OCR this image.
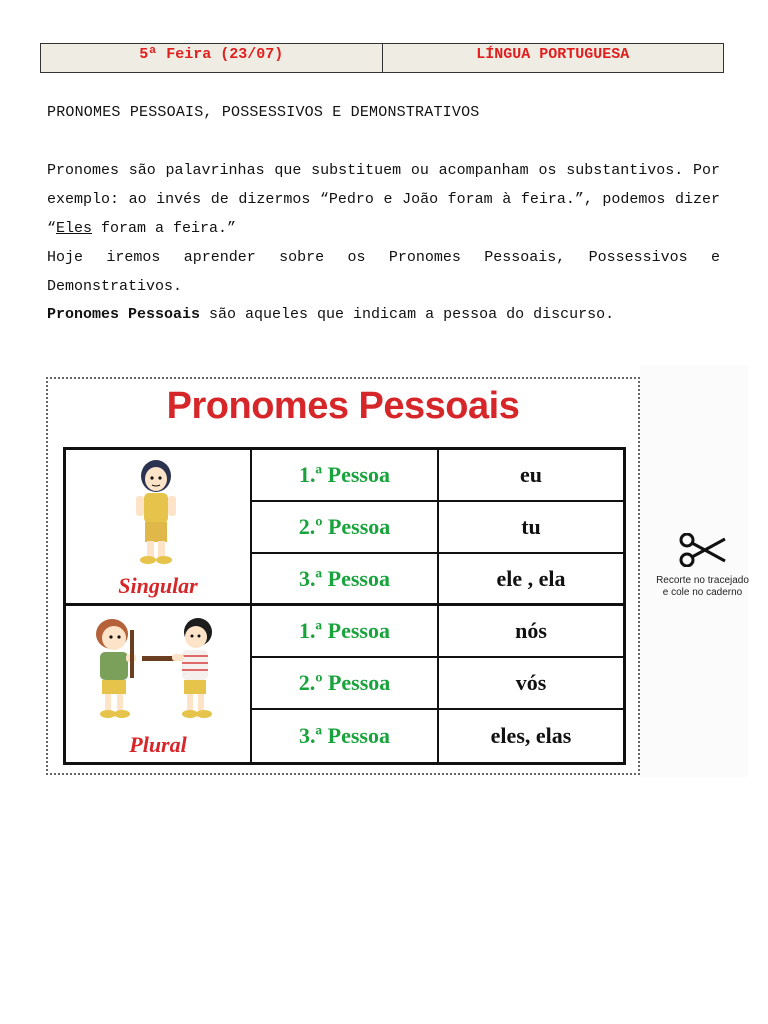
5ª Feira (23/07)	LÍNGUA PORTUGUESA
PRONOMES PESSOAIS, POSSESSIVOS E DEMONSTRATIVOS
Pronomes são palavrinhas que substituem ou acompanham os substantivos. Por exemplo: ao invés de dizermos “Pedro e João foram à feira.”, podemos dizer “Eles foram a feira.”
Hoje iremos aprender sobre os Pronomes Pessoais, Possessivos e Demonstrativos.
Pronomes Pessoais são aqueles que indicam a pessoa do discurso.
Pronomes Pessoais
Singular
1.ª Pessoa	eu
2.º Pessoa	tu
3.ª Pessoa	ele , ela
Plural
1.ª Pessoa	nós
2.º Pessoa	vós
3.ª Pessoa	eles, elas
Recorte no tracejado
e cole no caderno
